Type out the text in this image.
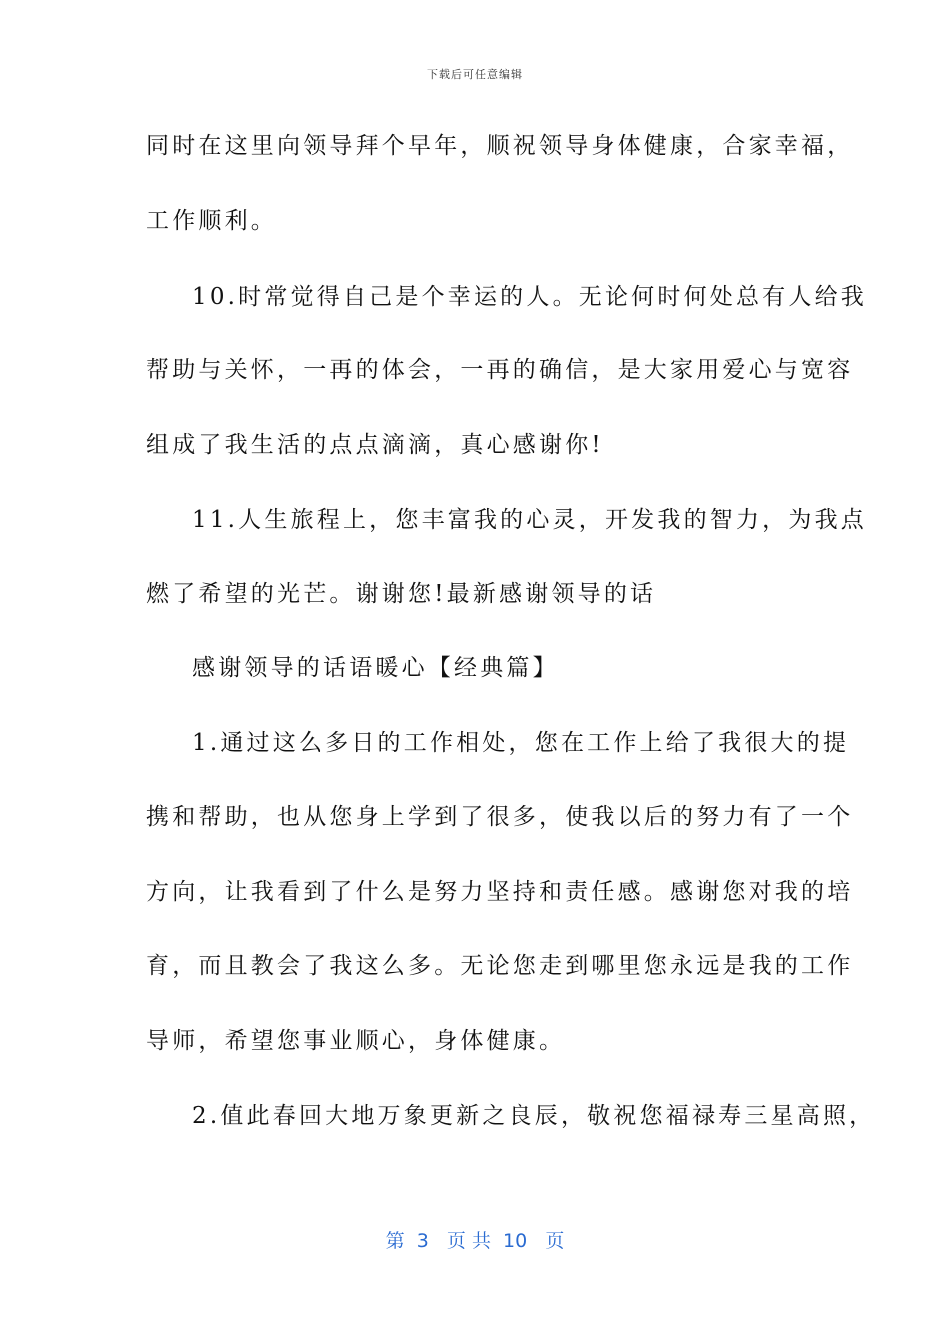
下载后可任意编辑
同时在这里向领导拜个早年，顺祝领导身体健康，合家幸福，
工作顺利。
10.时常觉得自己是个幸运的人。无论何时何处总有人给我
帮助与关怀，一再的体会，一再的确信，是大家用爱心与宽容
组成了我生活的点点滴滴，真心感谢你!
11.人生旅程上，您丰富我的心灵，开发我的智力，为我点
燃了希望的光芒。谢谢您!最新感谢领导的话
感谢领导的话语暖心【经典篇】
1.通过这么多日的工作相处，您在工作上给了我很大的提
携和帮助，也从您身上学到了很多，使我以后的努力有了一个
方向，让我看到了什么是努力坚持和责任感。感谢您对我的培
育，而且教会了我这么多。无论您走到哪里您永远是我的工作
导师，希望您事业顺心，身体健康。
2.值此春回大地万象更新之良辰，敬祝您福禄寿三星高照，
第  3   页 共  10   页
